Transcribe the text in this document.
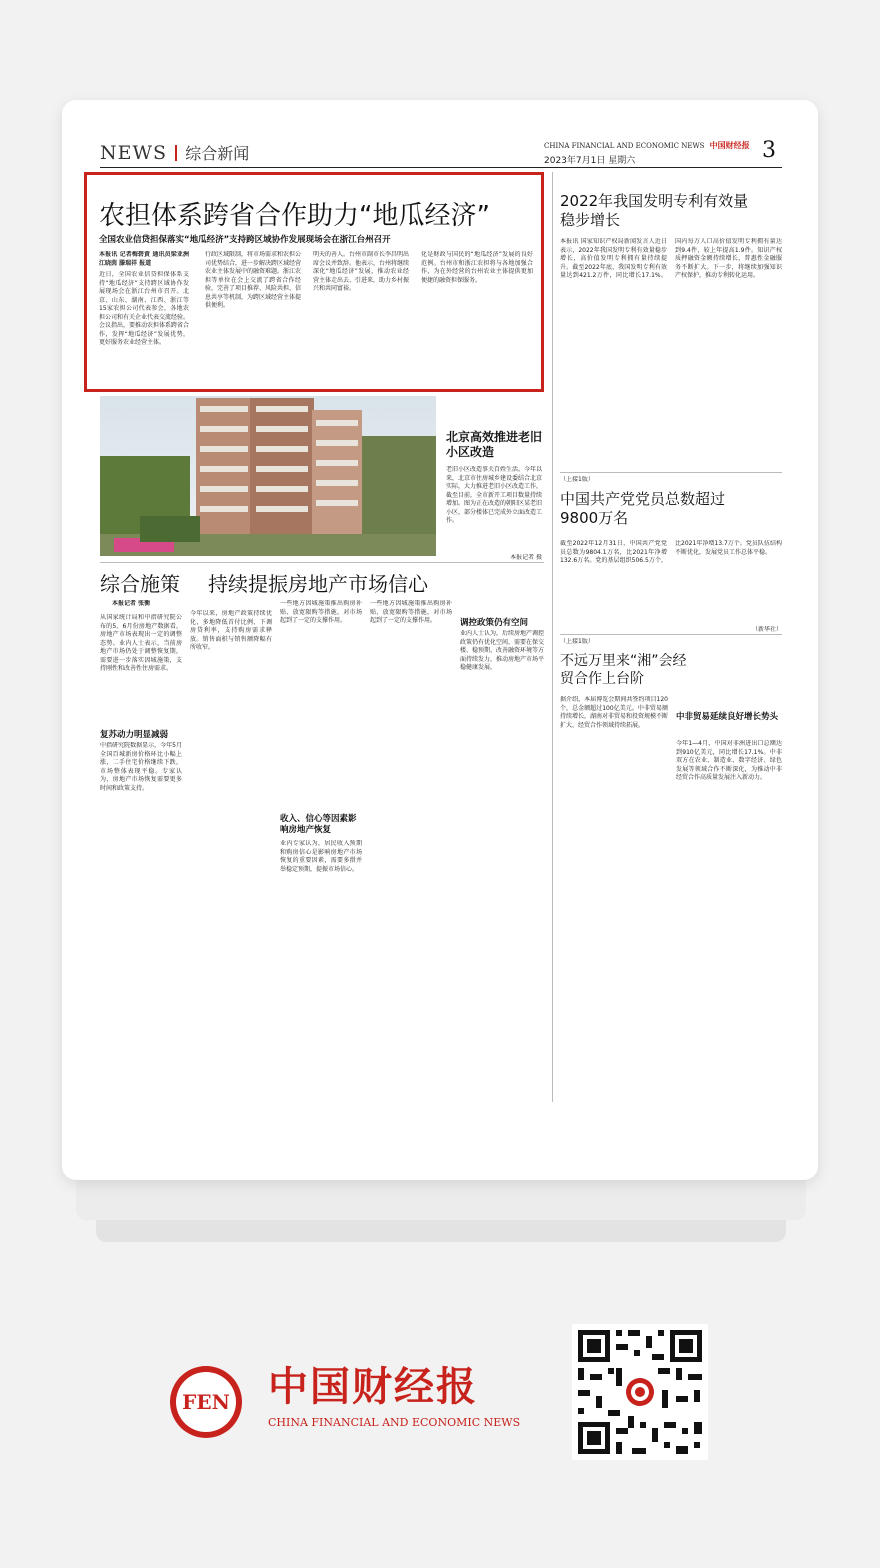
NEWS 综合新闻	CHINA FINANCIAL AND ECONOMIC NEWS 中国财经报
2023年7月1日 星期六	3
农担体系跨省合作助力“地瓜经济”
全国农业信贷担保落实“地瓜经济”支持跨区域协作发展现场会在浙江台州召开
本报讯 记者梅碧黄 通讯员梁亚洲 江晓茵 滕瑞祥 报道
近日，全国农业信贷担保体系支持“地瓜经济”支持跨区域协作发展现场会在浙江台州市召开。北京、山东、湖南、江西、浙江等15家农担公司代表参会，各地农担公司和有关企业代表交流经验。会议指出，要推动农担体系跨省合作，发挥“地瓜经济”发展优势，更好服务农业经营主体。
行政区域限制，将市场需求和农担公司优势结合，进一步解决跨区域经营农业主体发展中的融资难题。浙江农担等单位在会上交流了跨省合作经验，完善了项目推荐、风险共担、信息共享等机制，为跨区域经营主体提供便利。
明天的善人。台州市副市长李昌明出席会议并致辞。他表示，台州将继续深化“地瓜经济”发展，推动农业经营主体走出去、引进来，助力乡村振兴和共同富裕。
化是财政与国民的“地瓜经济”发展的良好范例。台州市和浙江农担将与各地加强合作，为在外经营的台州农业主体提供更加便捷的融资担保服务。
2022年我国发明专利有效量稳步增长
本报讯 国家知识产权局新闻发言人近日表示，2022年我国发明专利有效量稳步增长，高价值发明专利拥有量持续提升。截至2022年底，我国发明专利有效量达到421.2万件，同比增长17.1%。国内每万人口高价值发明专利拥有量达到9.4件，较上年提高1.9件。知识产权质押融资金额持续增长，普惠性金融服务不断扩大。下一步，将继续加强知识产权保护，推动专利转化运用。
北京高效推进老旧小区改造
老旧小区改造事关百姓生活。今年以来，北京市住房城乡建设委结合北京实际，大力推进老旧小区改造工作，截至目前，全市新开工项目数量持续增加。图为正在改造的朝阳区某老旧小区，部分楼体已完成外立面改造工作。
本报记者 摄
（上接1版）
中国共产党党员总数超过9800万名
截至2022年12月31日，中国共产党党员总数为9804.1万名，比2021年净增132.6万名。党的基层组织506.5万个，比2021年净增13.7万个。党员队伍结构不断优化，发展党员工作总体平稳。
（新华社）
（上接1版）
不远万里来“湘”会经贸合作上台阶
据介绍，本届博览会期间共签约项目120个，总金额超过100亿美元。中非贸易额持续增长，湖南对非贸易和投资规模不断扩大，经贸合作领域持续拓展。
中非贸易延续良好增长势头
今年1—4月，中国对非洲进出口总额达到910亿美元，同比增长17.1%。中非双方在农业、制造业、数字经济、绿色发展等领域合作不断深化，为推动中非经贸合作高质量发展注入新动力。
综合施策 持续提振房地产市场信心
本报记者 张衡
从国家统计局和中指研究院公布的5、6月份房地产数据看，房地产市场表现出一定的调整态势。业内人士表示，当前房地产市场仍处于调整恢复期，需要进一步落实因城施策，支持刚性和改善性住房需求。
复苏动力明显减弱
中指研究院数据显示，今年5月全国百城新房价格环比小幅上涨，二手住宅价格继续下跌，市场整体表现平稳。专家认为，房地产市场恢复需要更多时间和政策支持。
今年以来，房地产政策持续优化，多地降低首付比例、下调房贷利率，支持购房需求释放。销售面积与销售额降幅有所收窄。
一些地方因城施策推出购房补贴、放宽限购等措施，对市场起到了一定的支撑作用。
收入、信心等因素影响房地产恢复
业内专家认为，居民收入预期和购房信心是影响房地产市场恢复的重要因素，需要多措并举稳定预期，提振市场信心。
一些地方因城施策推出购房补贴、放宽限购等措施，对市场起到了一定的支撑作用。	调控政策仍有空间
业内人士认为，后续房地产调控政策仍有优化空间，需要在保交楼、稳预期、改善融资环境等方面持续发力，推动房地产市场平稳健康发展。
FEN 中国财经报
CHINA FINANCIAL AND ECONOMIC NEWS
